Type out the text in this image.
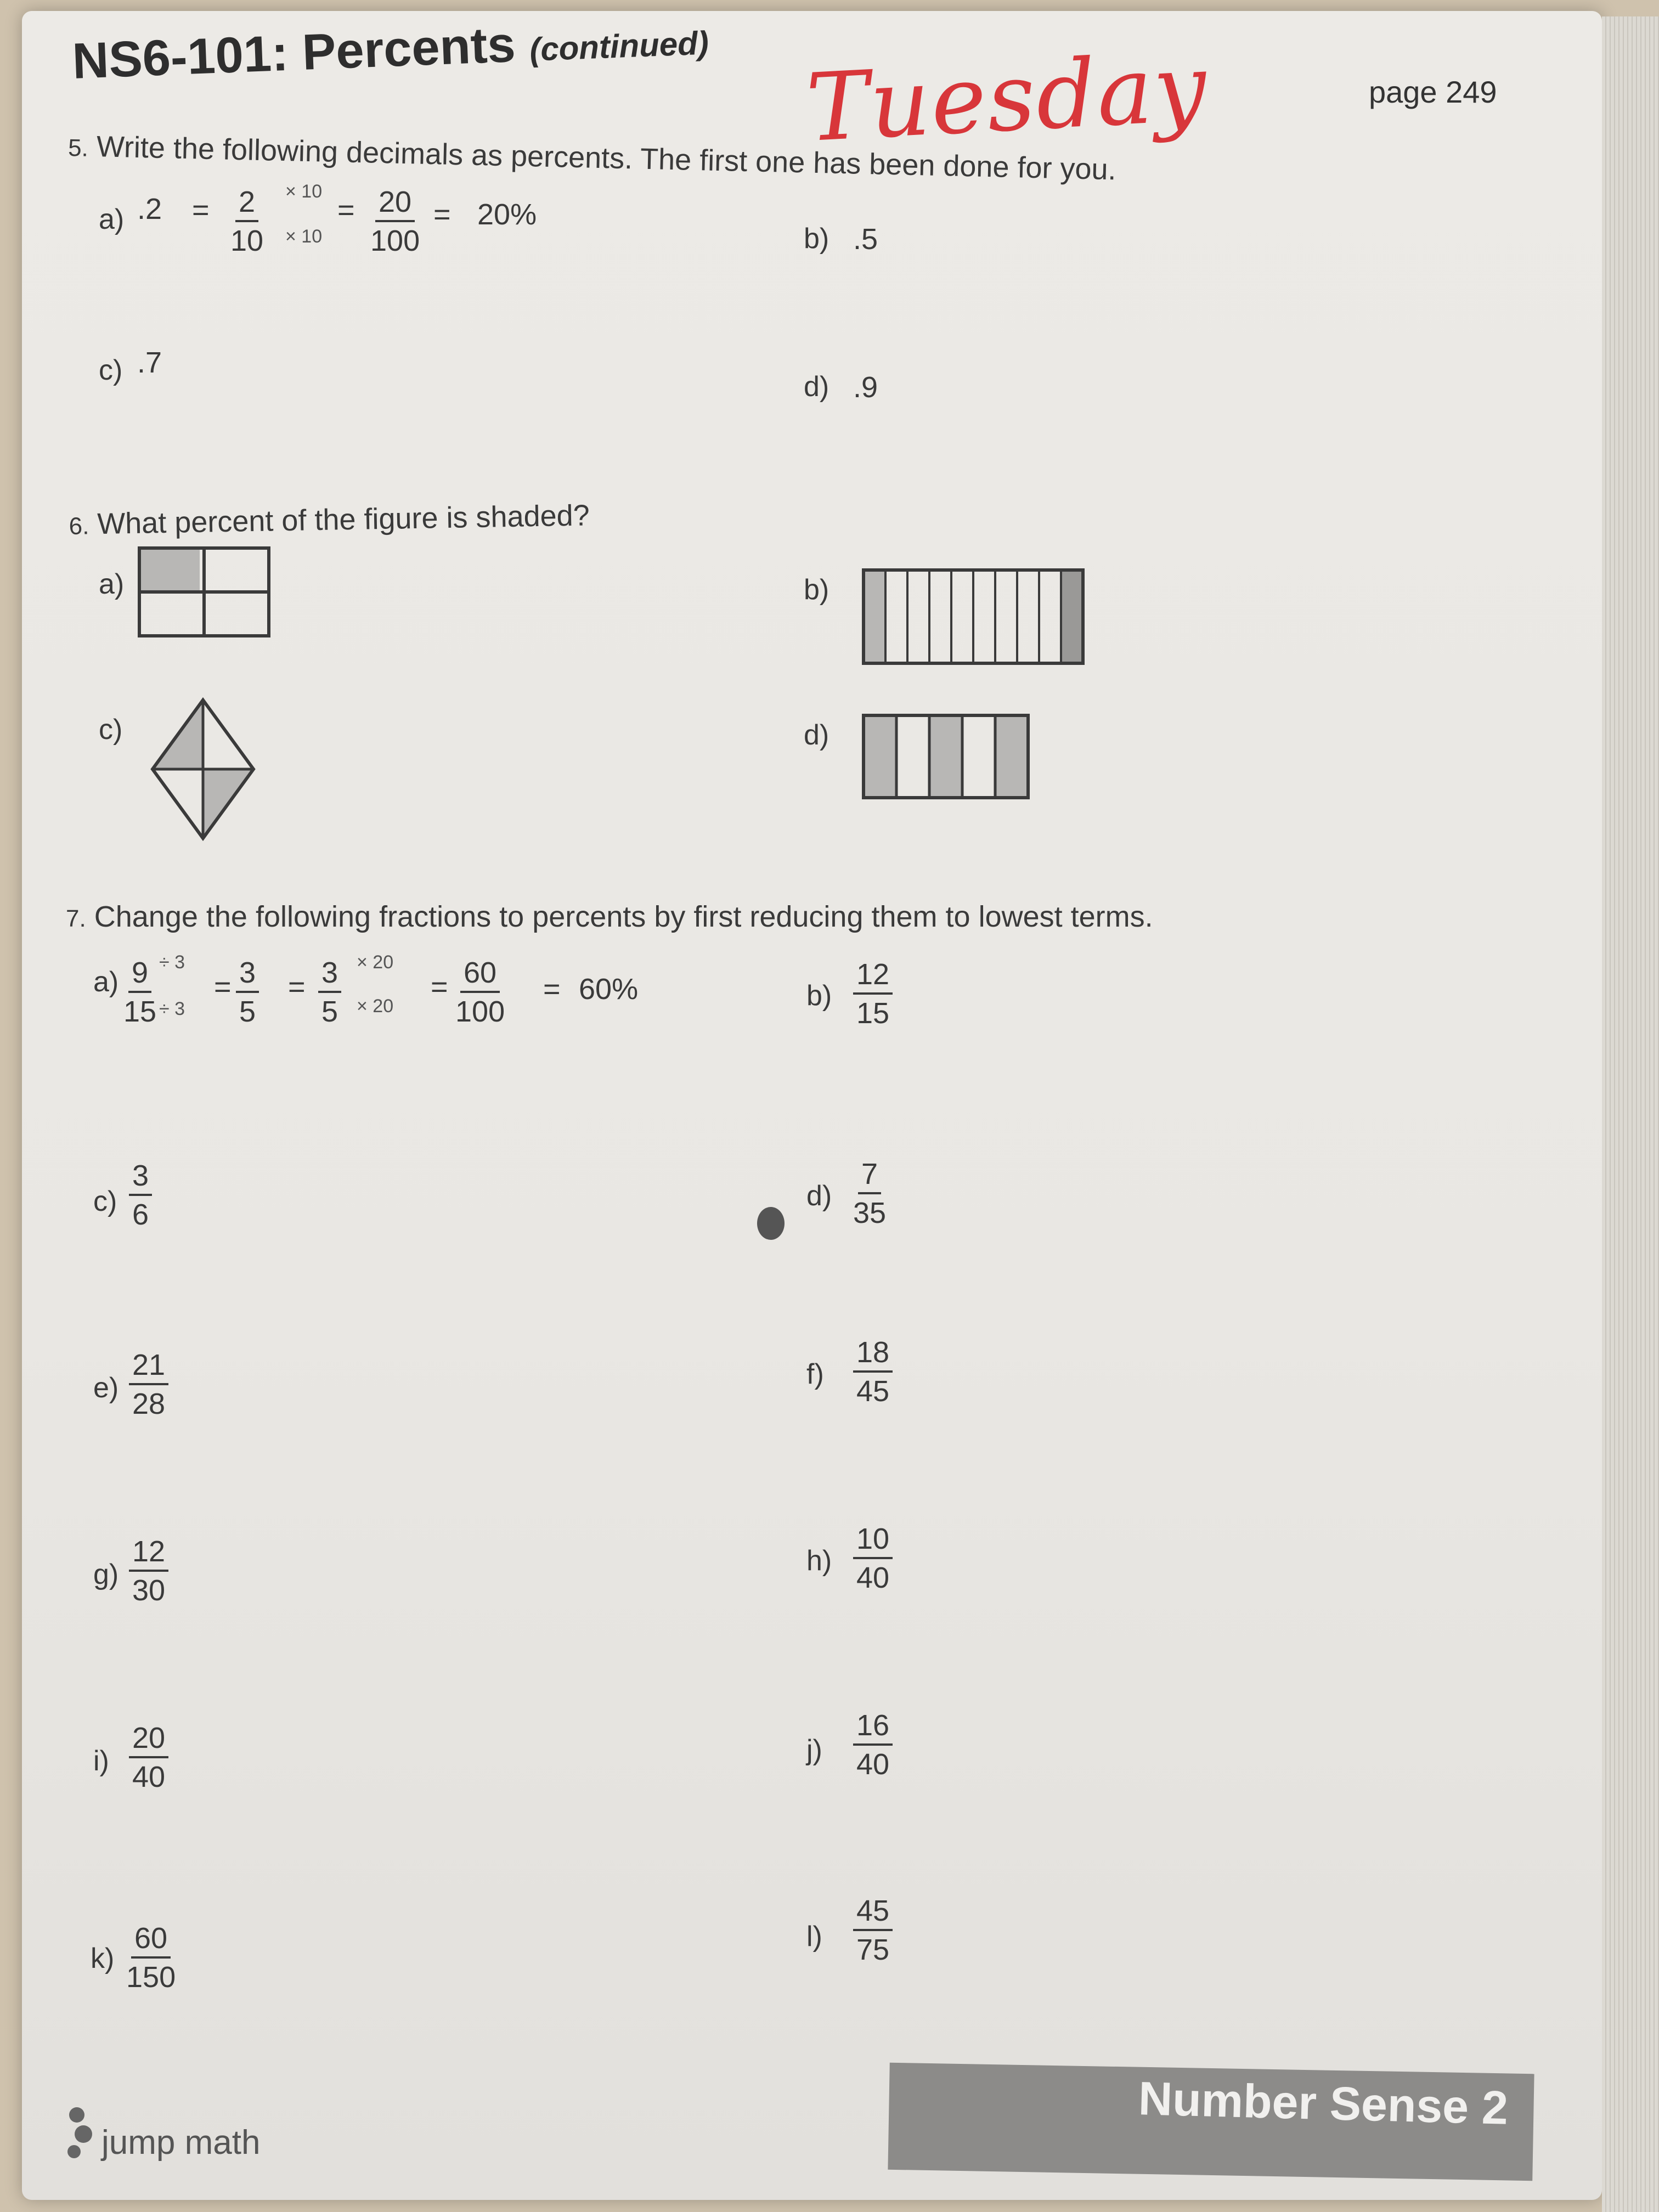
NS6-101: Percents (continued)
page 249
Tuesday
5. Write the following decimals as percents. The first one has been done for you.
a) $.2 = \frac{2}{10} \times 10$
× 10
= $\frac{20}{100} = 20\%$
b) .5
c) .7
d) .9
6. What percent of the figure is shaded?
a)	b)
c)	d)
7. Change the following fractions to percents by first reducing them to lowest terms.
$a) \frac{9}{15} \div 3$
÷ 3
= $\frac{3}{5} = \frac{3}{5} \times 20$
× 20
= $\frac{60}{100} = 60\%$	$b) \frac{12}{15}$
$c) \frac{3}{6}$	$d) \frac{7}{35}$
$e) \frac{21}{28}$	$f) \frac{18}{45}$
$g) \frac{12}{30}$	$h) \frac{10}{40}$
$i) \frac{20}{40}$	$j) \frac{16}{40}$
$k) \frac{60}{150}$	$l) \frac{45}{75}$
jump math
Number Sense 2
